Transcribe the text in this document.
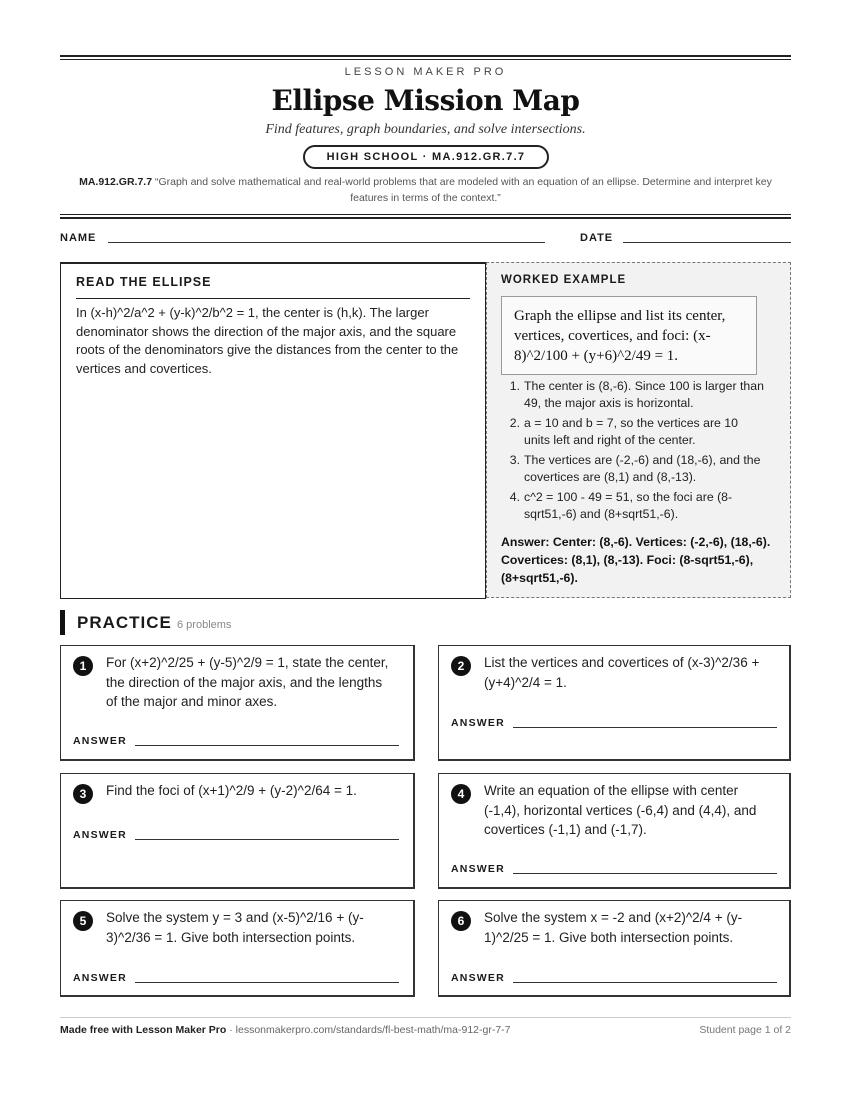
LESSON MAKER PRO
Ellipse Mission Map
Find features, graph boundaries, and solve intersections.
HIGH SCHOOL · MA.912.GR.7.7
MA.912.GR.7.7 “Graph and solve mathematical and real-world problems that are modeled with an equation of an ellipse. Determine and interpret key features in terms of the context.”
NAME	DATE
READ THE ELLIPSE
In (x-h)^2/a^2 + (y-k)^2/b^2 = 1, the center is (h,k). The larger denominator shows the direction of the major axis, and the square roots of the denominators give the distances from the center to the vertices and covertices.
WORKED EXAMPLE
Graph the ellipse and list its center, vertices, covertices, and foci: (x-8)^2/100 + (y+6)^2/49 = 1.
1. The center is (8,-6). Since 100 is larger than 49, the major axis is horizontal.
2. a = 10 and b = 7, so the vertices are 10 units left and right of the center.
3. The vertices are (-2,-6) and (18,-6), and the covertices are (8,1) and (8,-13).
4. c^2 = 100 - 49 = 51, so the foci are (8-sqrt51,-6) and (8+sqrt51,-6).
Answer: Center: (8,-6). Vertices: (-2,-6), (18,-6). Covertices: (8,1), (8,-13). Foci: (8-sqrt51,-6), (8+sqrt51,-6).
PRACTICE 6 problems
1	For (x+2)^2/25 + (y-5)^2/9 = 1, state the center, the direction of the major axis, and the lengths of the major and minor axes.
ANSWER
2	List the vertices and covertices of (x-3)^2/36 + (y+4)^2/4 = 1.
ANSWER
3	Find the foci of (x+1)^2/9 + (y-2)^2/64 = 1.
ANSWER
4	Write an equation of the ellipse with center (-1,4), horizontal vertices (-6,4) and (4,4), and covertices (-1,1) and (-1,7).
ANSWER
5	Solve the system y = 3 and (x-5)^2/16 + (y-3)^2/36 = 1. Give both intersection points.
ANSWER
6	Solve the system x = -2 and (x+2)^2/4 + (y-1)^2/25 = 1. Give both intersection points.
ANSWER
Made free with Lesson Maker Pro · lessonmakerpro.com/standards/fl-best-math/ma-912-gr-7-7	Student page 1 of 2
